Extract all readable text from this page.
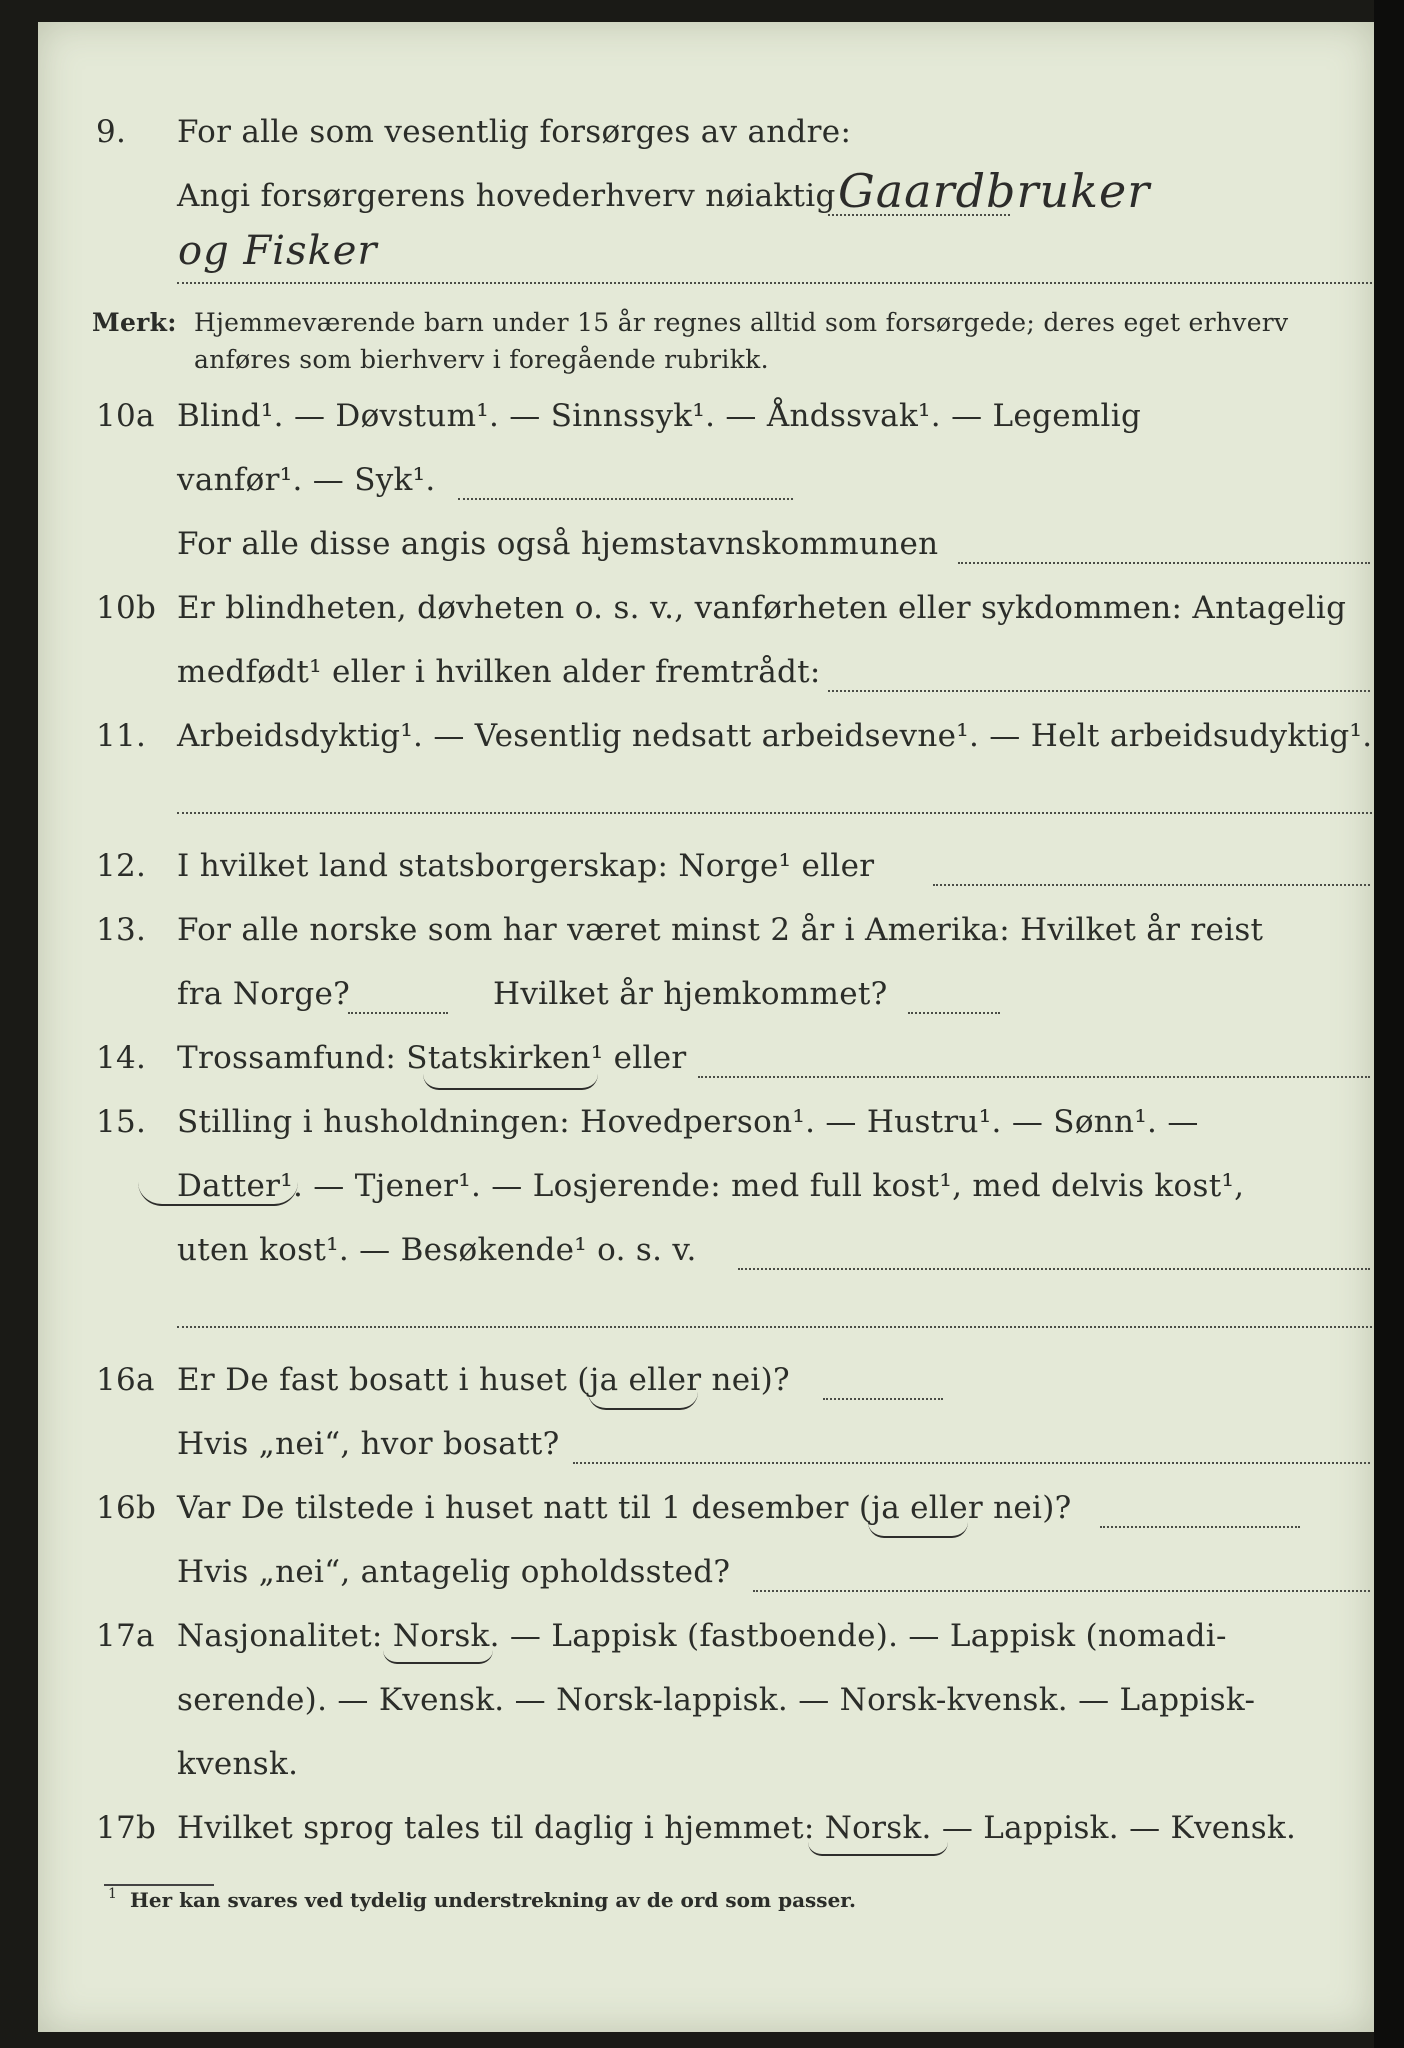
9. For alle som vesentlig forsørges av andre:
Angi forsørgerens hovederhverv nøiaktig Gaardbruker
og Fisker
Merk: Hjemmeværende barn under 15 år regnes alltid som forsørgede; deres eget erhverv
anføres som bierhverv i foregående rubrikk.
10a Blind¹. — Døvstum¹. — Sinnssyk¹. — Åndssvak¹. — Legemlig
vanfør¹. — Syk¹.
For alle disse angis også hjemstavnskommunen
10b Er blindheten, døvheten o. s. v., vanførheten eller sykdommen: Antagelig
medfødt¹ eller i hvilken alder fremtrådt:
11. Arbeidsdyktig¹. — Vesentlig nedsatt arbeidsevne¹. — Helt arbeidsudyktig¹.
12. I hvilket land statsborgerskap: Norge¹ eller
13. For alle norske som har været minst 2 år i Amerika: Hvilket år reist
fra Norge?	Hvilket år hjemkommet?
14. Trossamfund: Statskirken¹ eller
15. Stilling i husholdningen: Hovedperson¹. — Hustru¹. — Sønn¹. —
Datter¹. — Tjener¹. — Losjerende: med full kost¹, med delvis kost¹,
uten kost¹. — Besøkende¹ o. s. v.
16a Er De fast bosatt i huset (ja eller nei)?
Hvis „nei“, hvor bosatt?
16b Var De tilstede i huset natt til 1 desember (ja eller nei)?
Hvis „nei“, antagelig opholdssted?
17a Nasjonalitet: Norsk. — Lappisk (fastboende). — Lappisk (nomadi-
serende). — Kvensk. — Norsk-lappisk. — Norsk-kvensk. — Lappisk-
kvensk.
17b Hvilket sprog tales til daglig i hjemmet: Norsk. — Lappisk. — Kvensk.
1 Her kan svares ved tydelig understrekning av de ord som passer.
